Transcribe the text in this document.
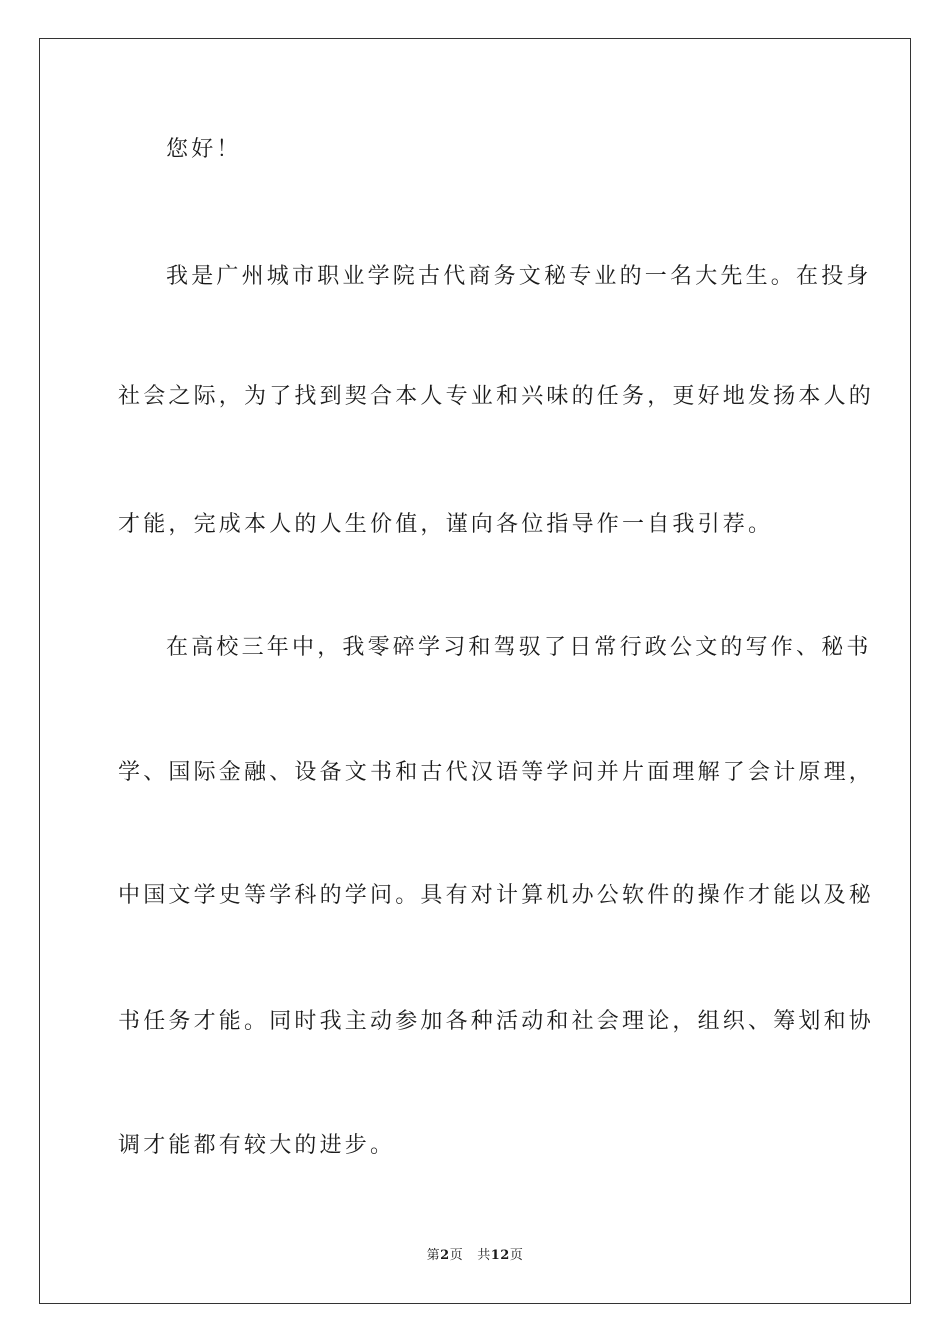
您好！
我是广州城市职业学院古代商务文秘专业的一名大先生。在投身
社会之际，为了找到契合本人专业和兴味的任务，更好地发扬本人的
才能，完成本人的人生价值，谨向各位指导作一自我引荐。
在高校三年中，我零碎学习和驾驭了日常行政公文的写作、秘书
学、国际金融、设备文书和古代汉语等学问并片面理解了会计原理，
中国文学史等学科的学问。具有对计算机办公软件的操作才能以及秘
书任务才能。同时我主动参加各种活动和社会理论，组织、筹划和协
调才能都有较大的进步。
第2页 共12页
